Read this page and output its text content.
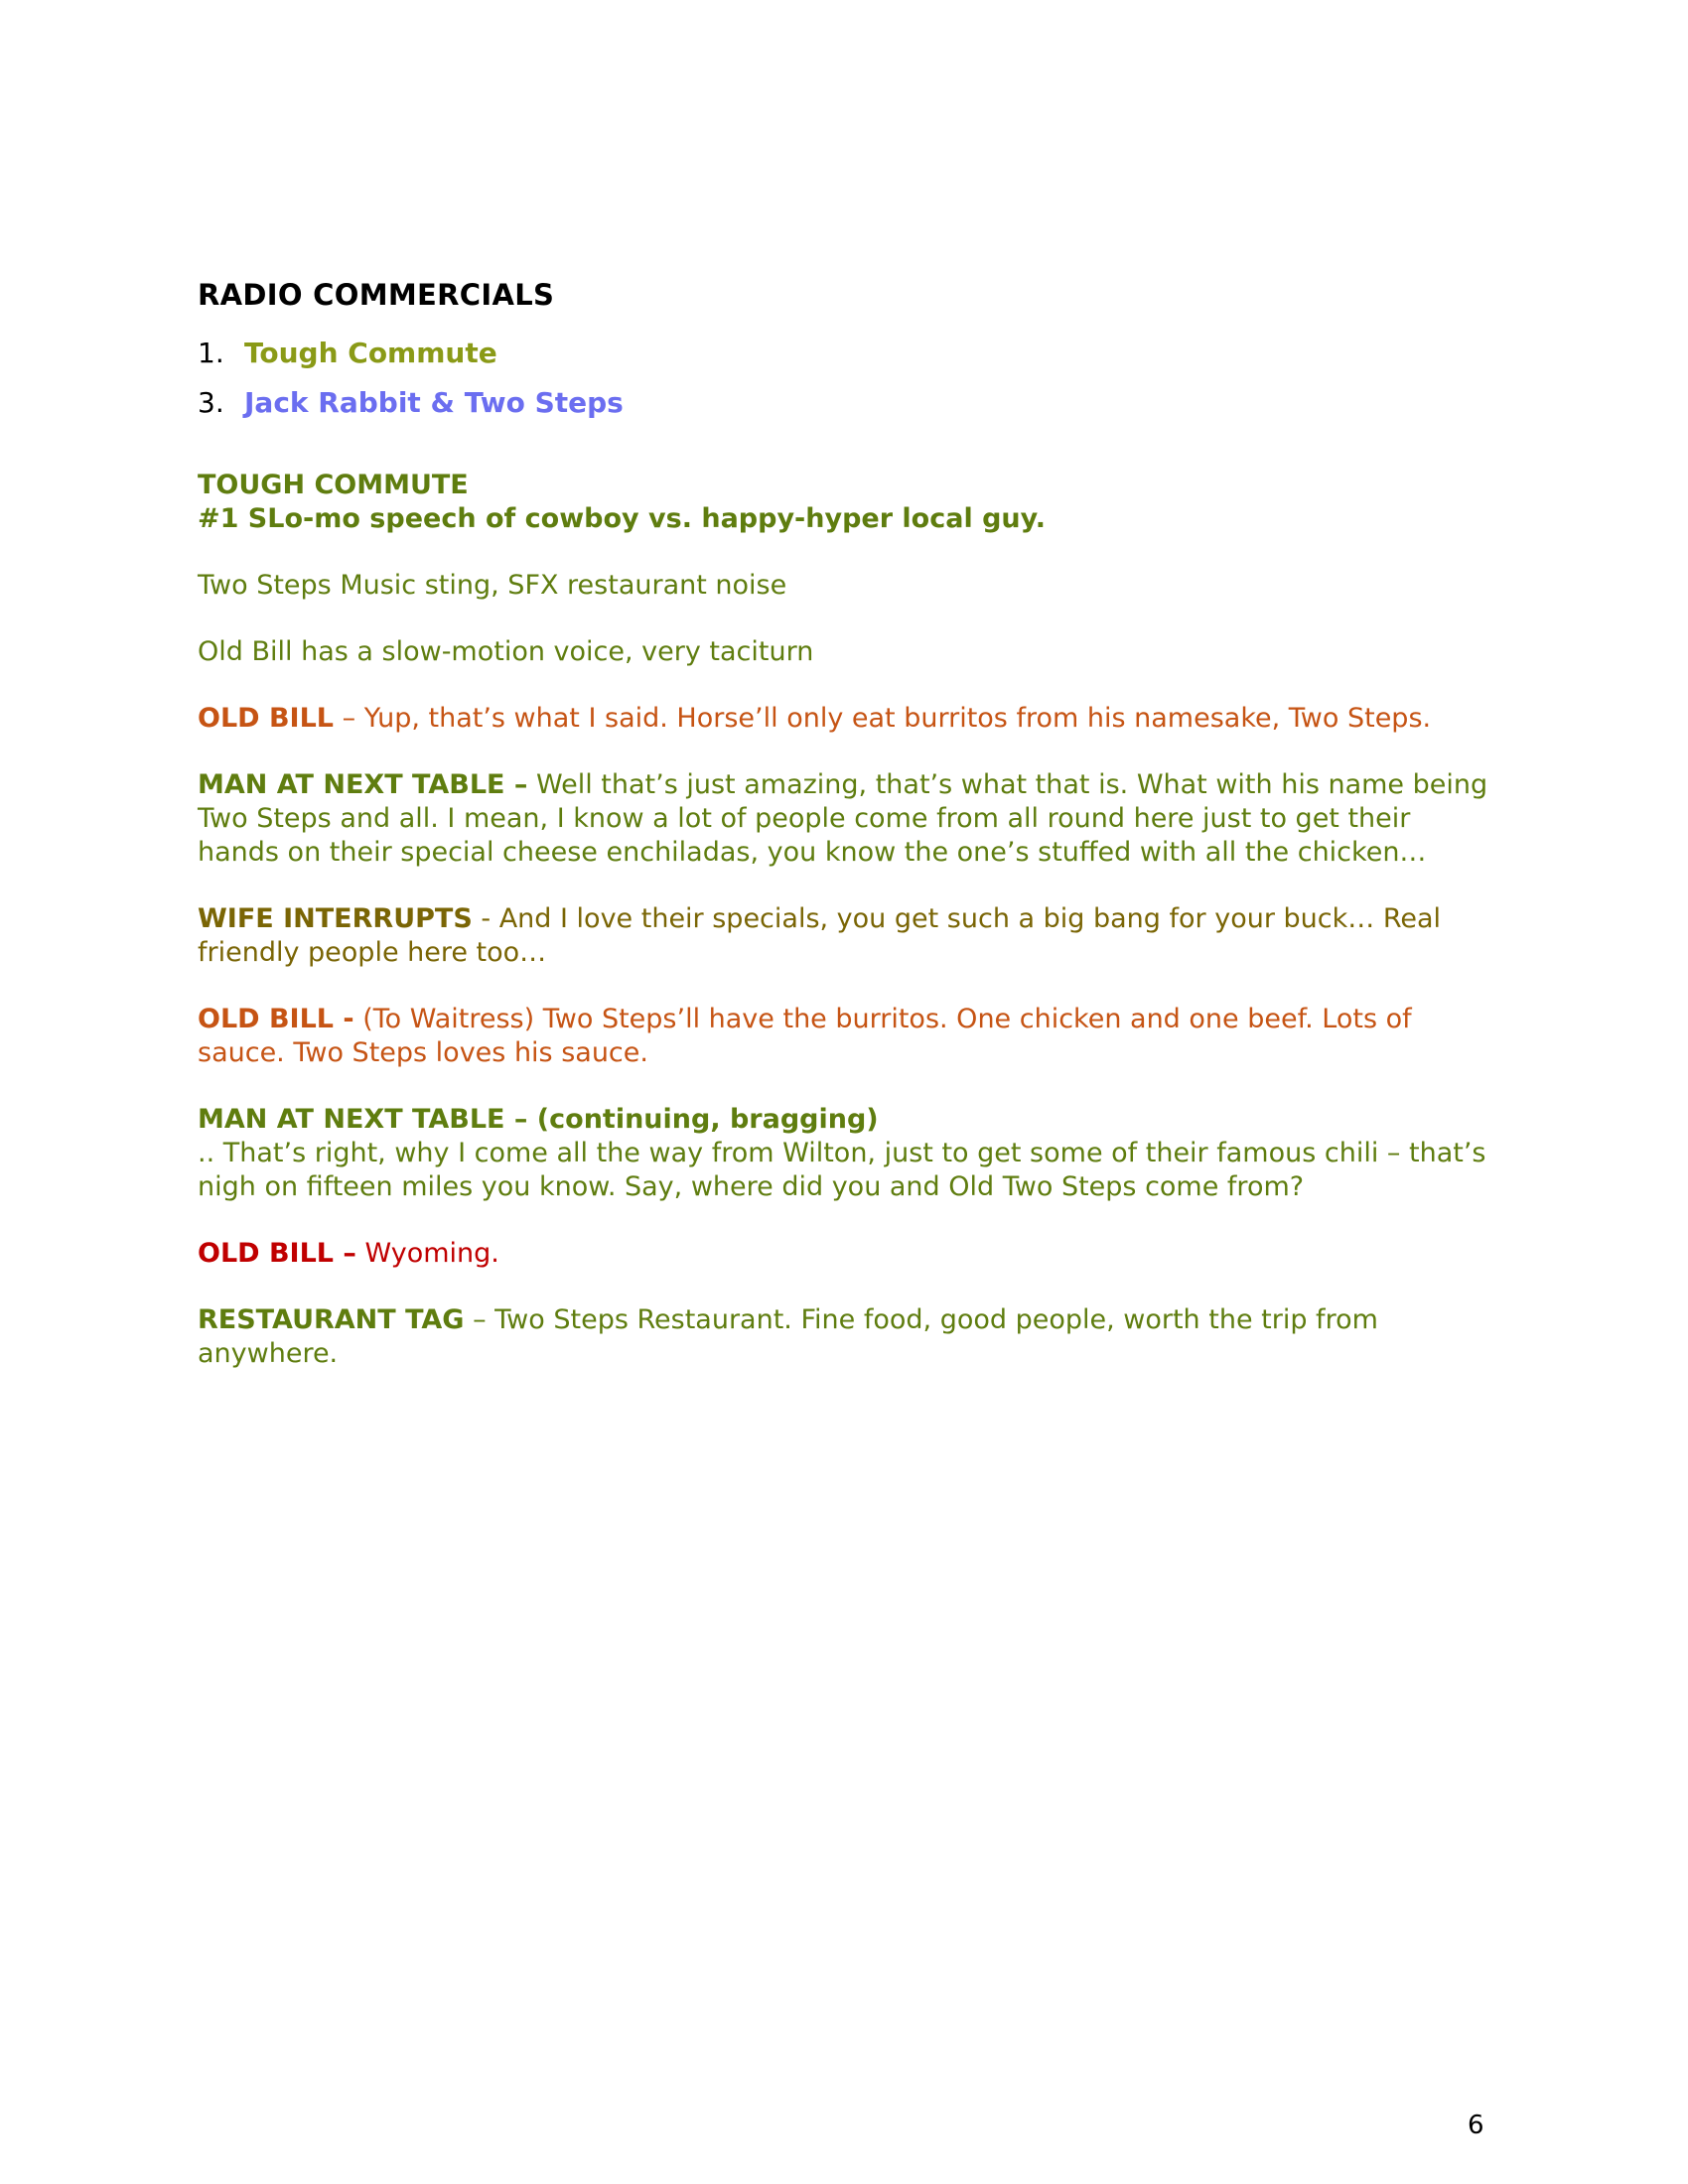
RADIO COMMERCIALS
1. Tough Commute
3. Jack Rabbit & Two Steps
TOUGH COMMUTE
#1 SLo-mo speech of cowboy vs. happy-hyper local guy.

Two Steps Music sting, SFX restaurant noise

Old Bill has a slow-motion voice, very taciturn

OLD BILL – Yup, that’s what I said. Horse’ll only eat burritos from his namesake, Two Steps.

MAN AT NEXT TABLE – Well that’s just amazing, that’s what that is. What with his name being Two Steps and all. I mean, I know a lot of people come from all round here just to get their hands on their special cheese enchiladas, you know the one’s stuffed with all the chicken…

WIFE INTERRUPTS - And I love their specials, you get such a big bang for your buck… Real friendly people here too…

OLD BILL - (To Waitress) Two Steps’ll have the burritos. One chicken and one beef. Lots of sauce. Two Steps loves his sauce.

MAN AT NEXT TABLE – (continuing, bragging)
.. That’s right, why I come all the way from Wilton, just to get some of their famous chili – that’s nigh on fifteen miles you know. Say, where did you and Old Two Steps come from?

OLD BILL – Wyoming.

RESTAURANT TAG – Two Steps Restaurant. Fine food, good people, worth the trip from anywhere.

6
